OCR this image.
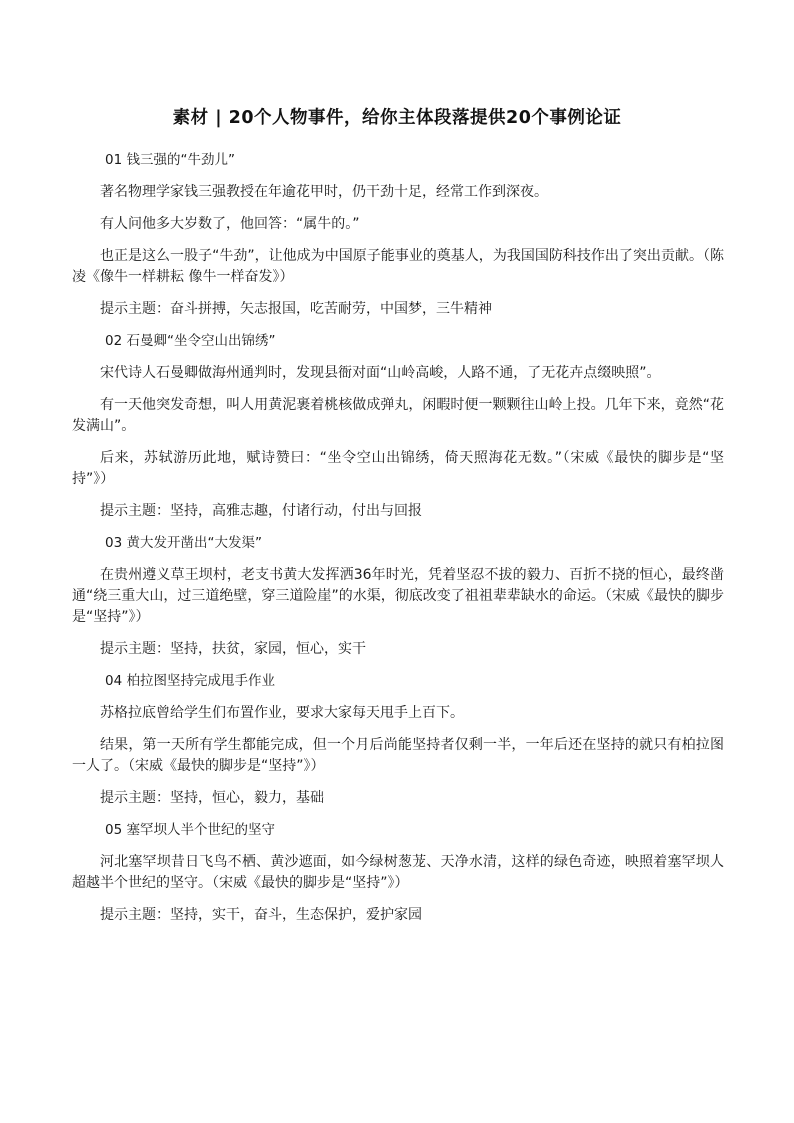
素材 | 20个人物事件，给你主体段落提供20个事例论证
01 钱三强的“牛劲儿”

著名物理学家钱三强教授在年逾花甲时，仍干劲十足，经常工作到深夜。

有人问他多大岁数了，他回答：“属牛的。”

也正是这么一股子“牛劲”，让他成为中国原子能事业的奠基人，为我国国防科技作出了突出贡献。（陈凌《像牛一样耕耘 像牛一样奋发》）

提示主题：奋斗拼搏，矢志报国，吃苦耐劳，中国梦，三牛精神

02 石曼卿“坐令空山出锦绣”

宋代诗人石曼卿做海州通判时，发现县衙对面“山岭高峻，人路不通，了无花卉点缀映照”。

有一天他突发奇想，叫人用黄泥裹着桃核做成弹丸，闲暇时便一颗颗往山岭上投。几年下来，竟然“花发满山”。

后来，苏轼游历此地，赋诗赞曰：“坐令空山出锦绣，倚天照海花无数。”（宋威《最快的脚步是“坚持”》）

提示主题：坚持，高雅志趣，付诸行动，付出与回报

03 黄大发开凿出“大发渠”

在贵州遵义草王坝村，老支书黄大发挥洒36年时光，凭着坚忍不拔的毅力、百折不挠的恒心，最终凿通“绕三重大山，过三道绝壁，穿三道险崖”的水渠，彻底改变了祖祖辈辈缺水的命运。（宋威《最快的脚步是“坚持”》）

提示主题：坚持，扶贫，家园，恒心，实干

04 柏拉图坚持完成甩手作业

苏格拉底曾给学生们布置作业，要求大家每天甩手上百下。

结果，第一天所有学生都能完成，但一个月后尚能坚持者仅剩一半，一年后还在坚持的就只有柏拉图一人了。（宋威《最快的脚步是“坚持”》）

提示主题：坚持，恒心，毅力，基础

05 塞罕坝人半个世纪的坚守

河北塞罕坝昔日飞鸟不栖、黄沙遮面，如今绿树葱茏、天净水清，这样的绿色奇迹，映照着塞罕坝人超越半个世纪的坚守。（宋威《最快的脚步是“坚持”》）

提示主题：坚持，实干，奋斗，生态保护，爱护家园
